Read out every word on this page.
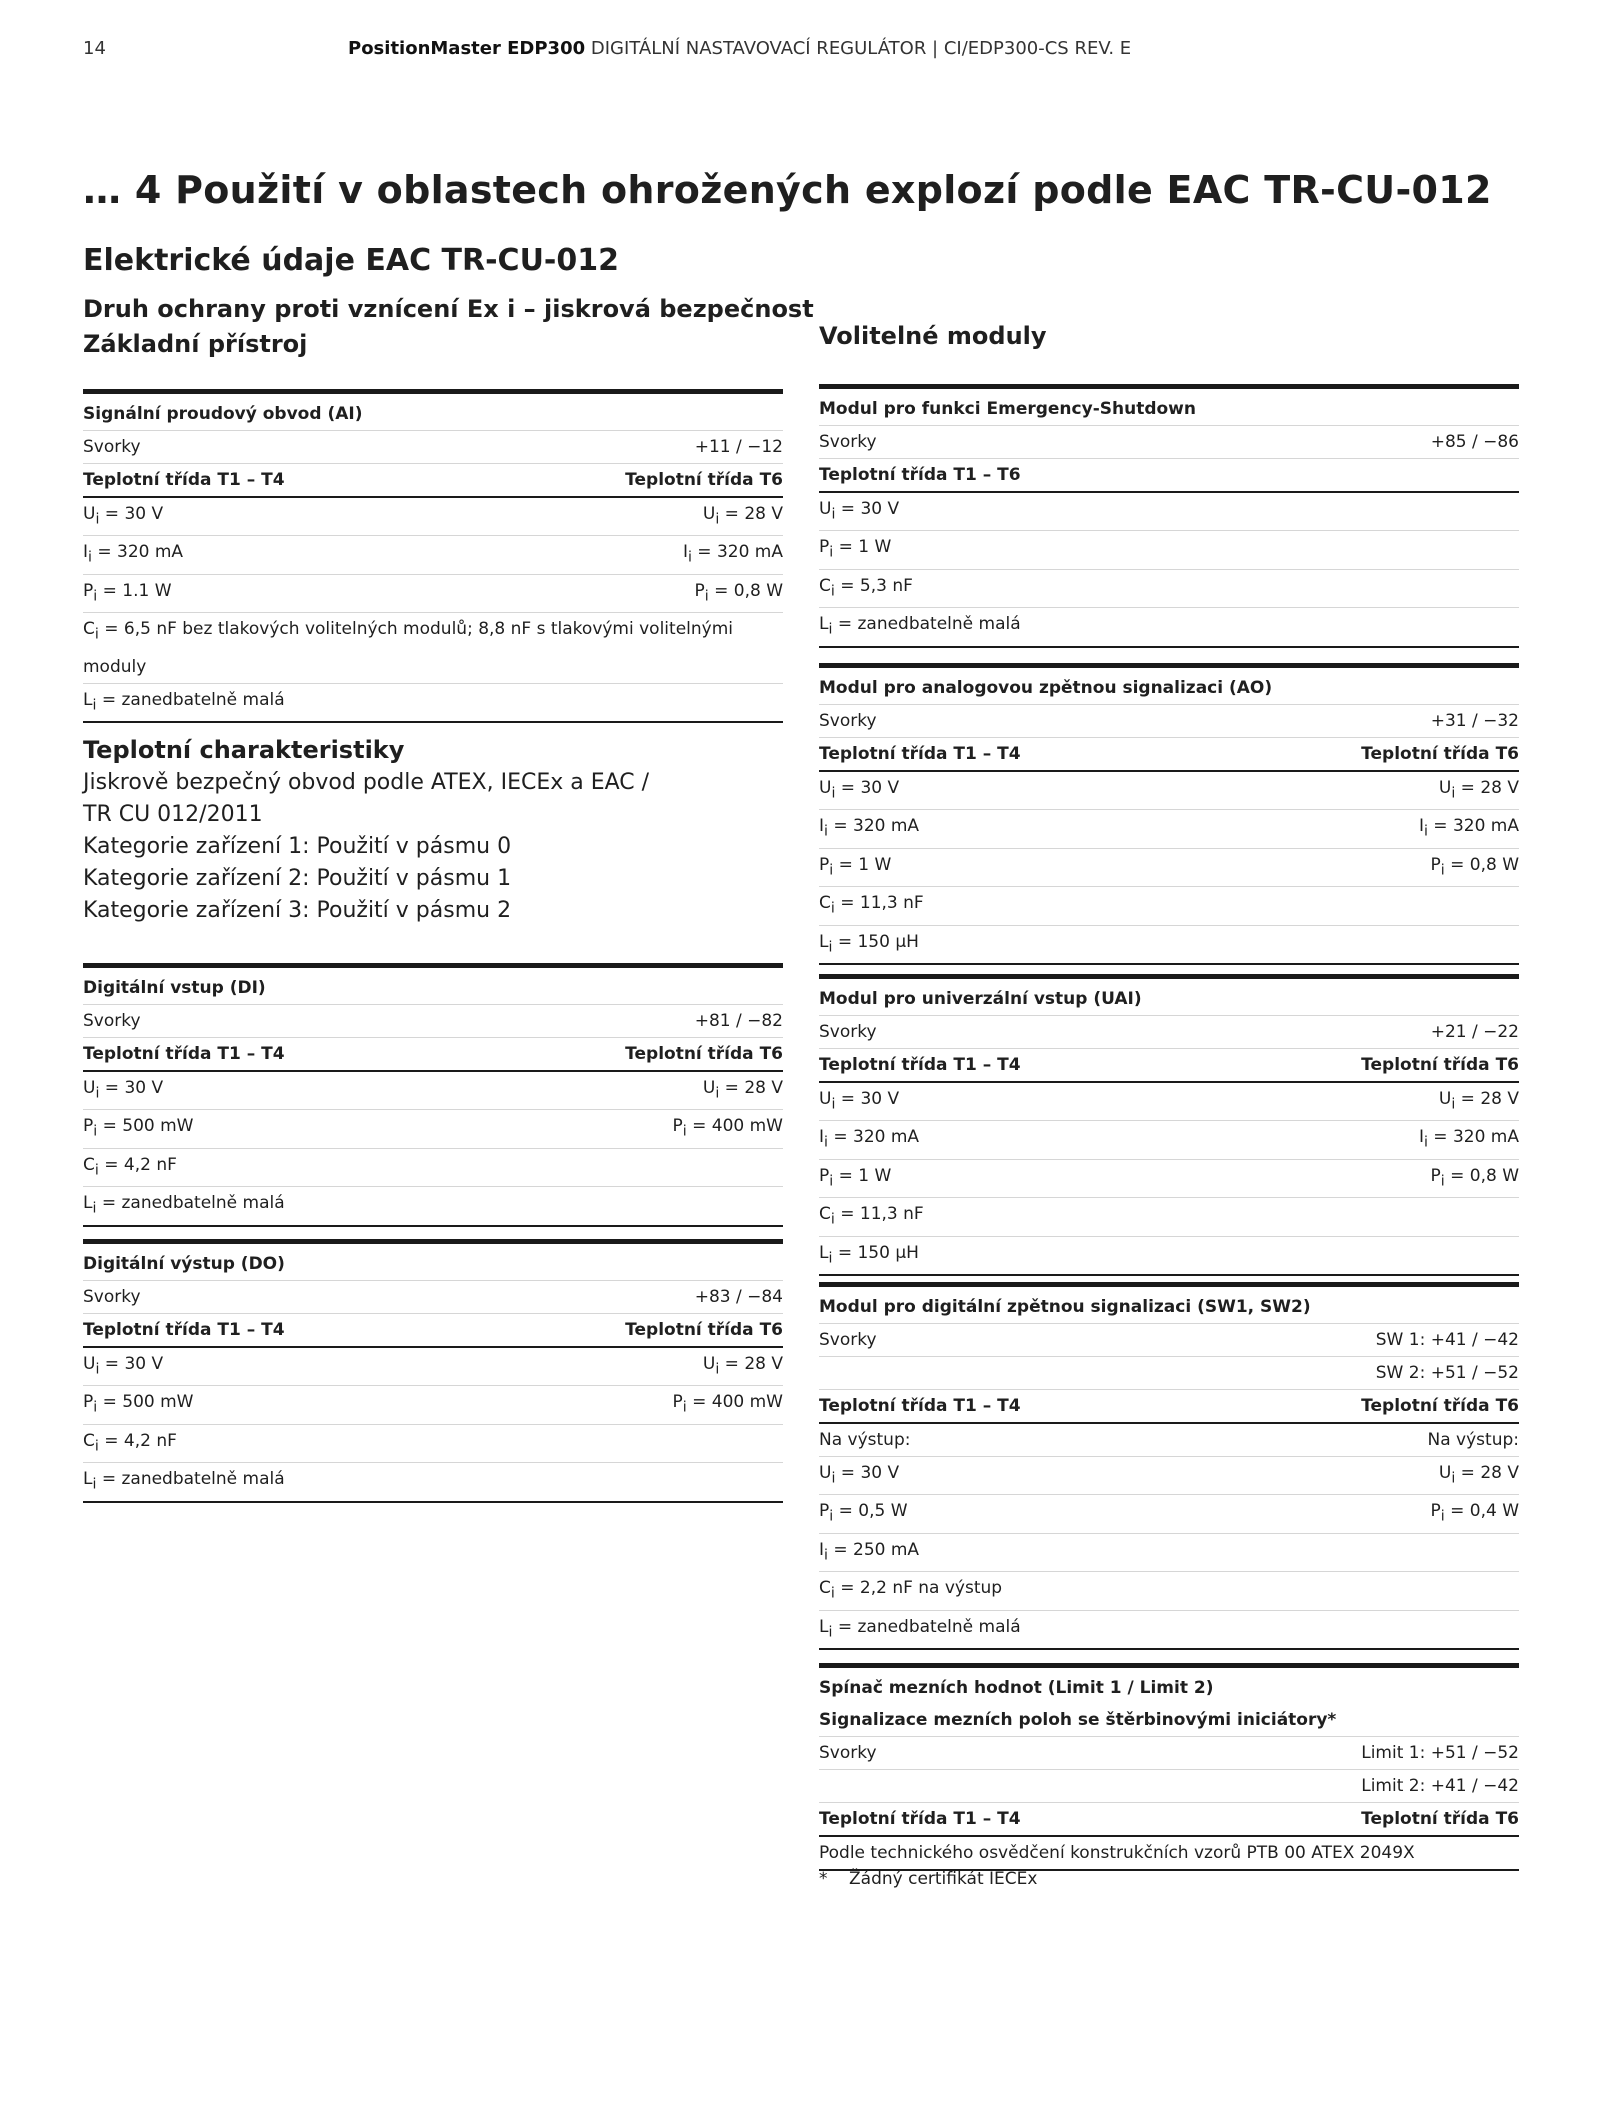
14	PositionMaster EDP300 DIGITÁLNÍ NASTAVOVACÍ REGULÁTOR | CI/EDP300-CS REV. E
… 4 Použití v oblastech ohrožených explozí podle EAC TR-CU-012
Elektrické údaje EAC TR-CU-012
Druh ochrany proti vznícení Ex i – jiskrová bezpečnost
Základní přístroj	Volitelné moduly
Signální proudový obvod (AI)
Svorky	+11 / −12
Teplotní třída T1 – T4	Teplotní třída T6
$U_i = 30$ V	$U_i = 28$ V
$I_i = 320$ mA	$I_i = 320$ mA
$P_i = 1.1$ W	$P_i = 0,8$ W
$C_i = 6,5$ nF bez tlakových volitelných modulů; 8,8 nF s tlakovými volitelnými moduly
$L_i$ = zanedbatelně malá
Teplotní charakteristiky
Jiskrově bezpečný obvod podle ATEX, IECEx a EAC /
TR CU 012/2011
Kategorie zařízení 1: Použití v pásmu 0
Kategorie zařízení 2: Použití v pásmu 1
Kategorie zařízení 3: Použití v pásmu 2
Digitální vstup (DI)
Svorky	+81 / −82
Teplotní třída T1 – T4	Teplotní třída T6
$U_i = 30$ V	$U_i = 28$ V
$P_i = 500$ mW	$P_i = 400$ mW
$C_i = 4,2$ nF
$L_i$ = zanedbatelně malá
Digitální výstup (DO)
Svorky	+83 / −84
Teplotní třída T1 – T4	Teplotní třída T6
$U_i = 30$ V	$U_i = 28$ V
$P_i = 500$ mW	$P_i = 400$ mW
$C_i = 4,2$ nF
$L_i$ = zanedbatelně malá
Modul pro funkci Emergency-Shutdown
Svorky	+85 / −86
Teplotní třída T1 – T6
$U_i = 30$ V
$P_i = 1$ W
$C_i = 5,3$ nF
$L_i$ = zanedbatelně malá
Modul pro analogovou zpětnou signalizaci (AO)
Svorky	+31 / −32
Teplotní třída T1 – T4	Teplotní třída T6
$U_i = 30$ V	$U_i = 28$ V
$I_i = 320$ mA	$I_i = 320$ mA
$P_i = 1$ W	$P_i = 0,8$ W
$C_i = 11,3$ nF
$L_i = 150$ μH
Modul pro univerzální vstup (UAI)
Svorky	+21 / −22
Teplotní třída T1 – T4	Teplotní třída T6
$U_i = 30$ V	$U_i = 28$ V
$I_i = 320$ mA	$I_i = 320$ mA
$P_i = 1$ W	$P_i = 0,8$ W
$C_i = 11,3$ nF
$L_i = 150$ μH
Modul pro digitální zpětnou signalizaci (SW1, SW2)
Svorky	SW 1: +41 / −42
SW 2: +51 / −52
Teplotní třída T1 – T4	Teplotní třída T6
Na výstup:	Na výstup:
$U_i = 30$ V	$U_i = 28$ V
$P_i = 0,5$ W	$P_i = 0,4$ W
$I_i = 250$ mA
$C_i = 2,2$ nF na výstup
$L_i$ = zanedbatelně malá
Spínač mezních hodnot (Limit 1 / Limit 2)
Signalizace mezních poloh se štěrbinovými iniciátory*
Svorky	Limit 1: +51 / −52
Limit 2: +41 / −42
Teplotní třída T1 – T4	Teplotní třída T6
Podle technického osvědčení konstrukčních vzorů PTB 00 ATEX 2049X
* Žádný certifikát IECEx
